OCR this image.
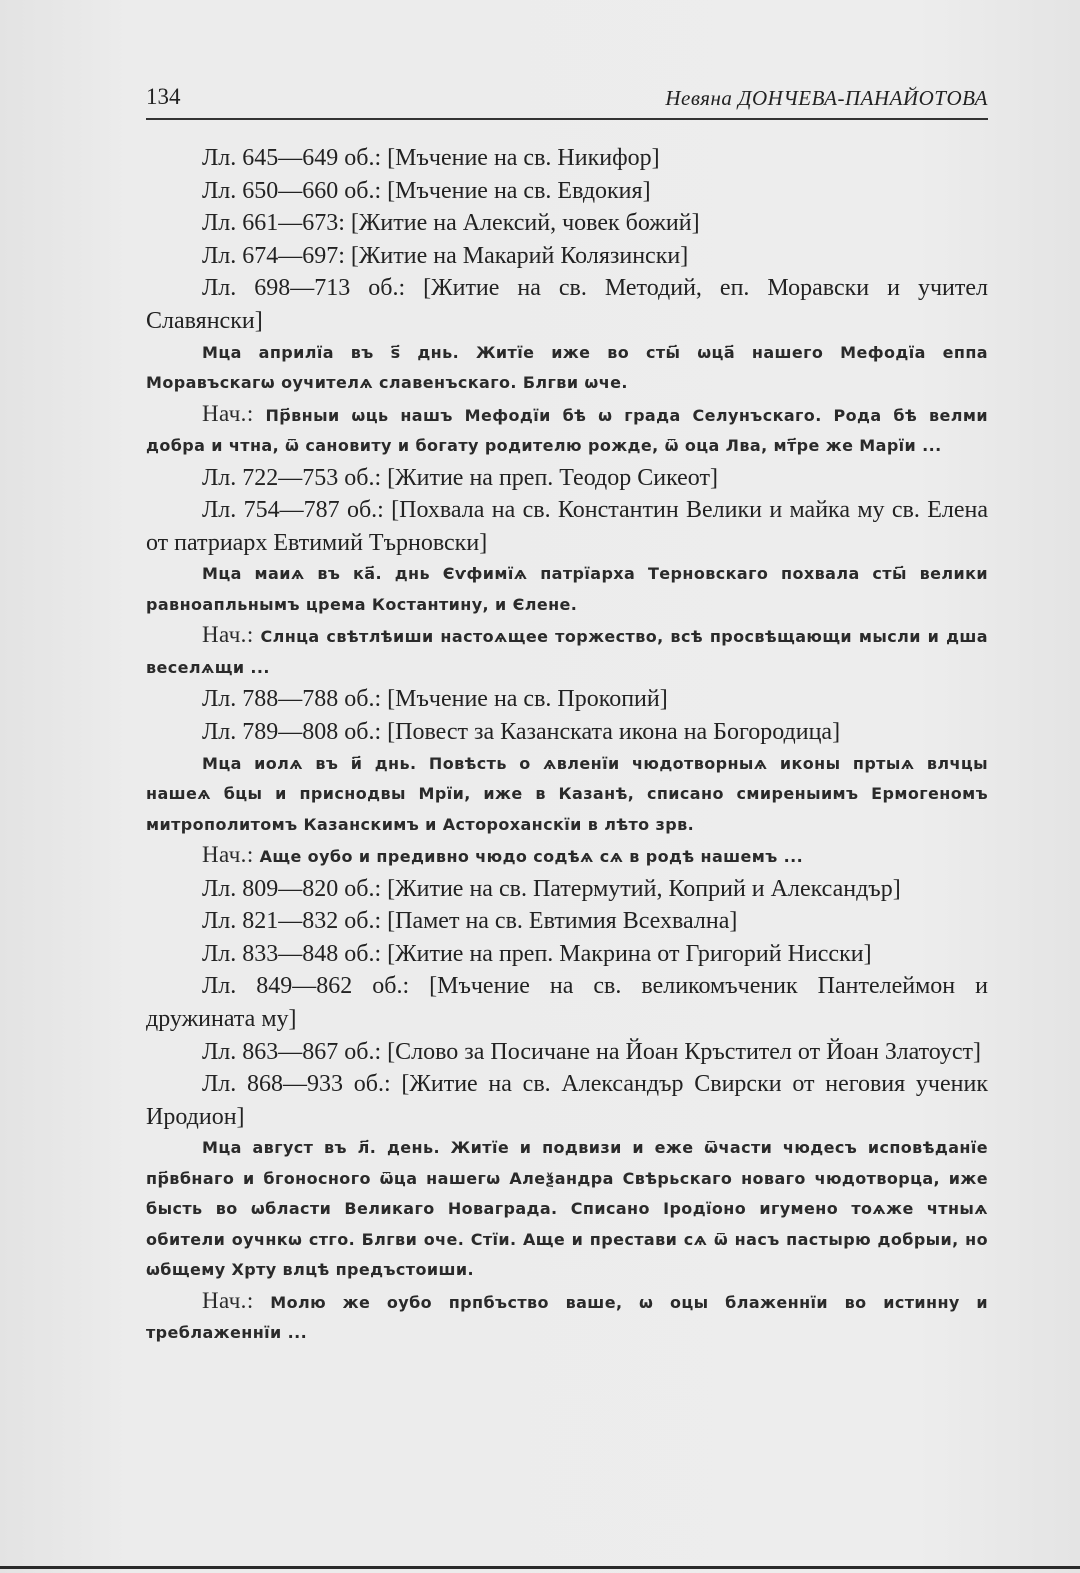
134	Невяна ДОНЧЕВА-ПАНАЙОТОВА

Лл. 645—649 об.: [Мъчение на св. Никифор]

Лл. 650—660 об.: [Мъчение на св. Евдокия]

Лл. 661—673: [Житие на Алексий, човек божий]

Лл. 674—697: [Житие на Макарий Колязински]

Лл. 698—713 об.: [Житие на св. Методий, еп. Моравски и учител Славянски]

Мца априлїа въ ѕ҃ днь. Житїе иже во сты҃ ѡца҃ нашего Мефодїа еппа Моравъскагѡ оучителѧ славенъскаго. Блгви ѡче.

Нач.: Пр҃вныи ѡць нашъ Мефодїи бѣ ѡ града Селунъскаго. Рода бѣ велми добра и чтна, ѿ сановиту и богату родителю рожде, ѿ оца Лва, мт҃ре же Марїи ...

Лл. 722—753 об.: [Житие на преп. Теодор Сикеот]

Лл. 754—787 об.: [Похвала на св. Константин Велики и майка му св. Елена от патриарх Евтимий Търновски]

Мца маиѧ въ ка҃. днь Єѵфимїѧ патрїарха Терновскаго похвала сты҃ велики равноапльнымъ црема Костантину, и Єлене.

Нач.: Слнца свѣтлѣиши настоѧщее торжество, всѣ просвѣщающи мысли и дша веселѧщи ...

Лл. 788—788 об.: [Мъчение на св. Прокопий]

Лл. 789—808 об.: [Повест за Казанската икона на Богородица]

Мца иолѧ въ и҃ днь. Повѣсть о ѧвленїи чюдотворныѧ иконы пртыѧ влчцы нашеѧ бцы и приснодвы Мрїи, иже в Казанѣ, списано смиреныимъ Ермогеномъ митрополитомъ Казанскимъ и Астороханскїи в лѣто зрв.

Нач.: Аще оубо и предивно чюдо содѣѧ сѧ в родѣ нашемъ ...

Лл. 809—820 об.: [Житие на св. Патермутий, Коприй и Александър]

Лл. 821—832 об.: [Памет на св. Евтимия Всехвална]

Лл. 833—848 об.: [Житие на преп. Макрина от Григорий Нисски]

Лл. 849—862 об.: [Мъчение на св. великомъченик Пантелеймон и дружината му]

Лл. 863—867 об.: [Слово за Посичане на Йоан Кръстител от Йоан Златоуст]

Лл. 868—933 об.: [Житие на св. Александър Свирски от неговия ученик Иродион]

Мца август въ л҃. день. Житїе и подвизи и еже ѿчасти чюдесъ исповѣданїе пр҃вбнаго и бгоносного ѿца нашегѡ Алеѯандра Свѣрьскаго новаго чюдотворца, иже бысть во ѡбласти Великаго Новаграда. Списано Іродїоно игумено тоѧже чтныѧ обители оучнкѡ стго. Блгви оче. Стїи. Аще и престави сѧ ѿ насъ пастырю добрыи, но ѡбщему Хрту влцѣ предъстоиши.

Нач.: Молю же оубо прпбъство ваше, ѡ оцы блаженнїи во истинну и треблаженнїи ...
